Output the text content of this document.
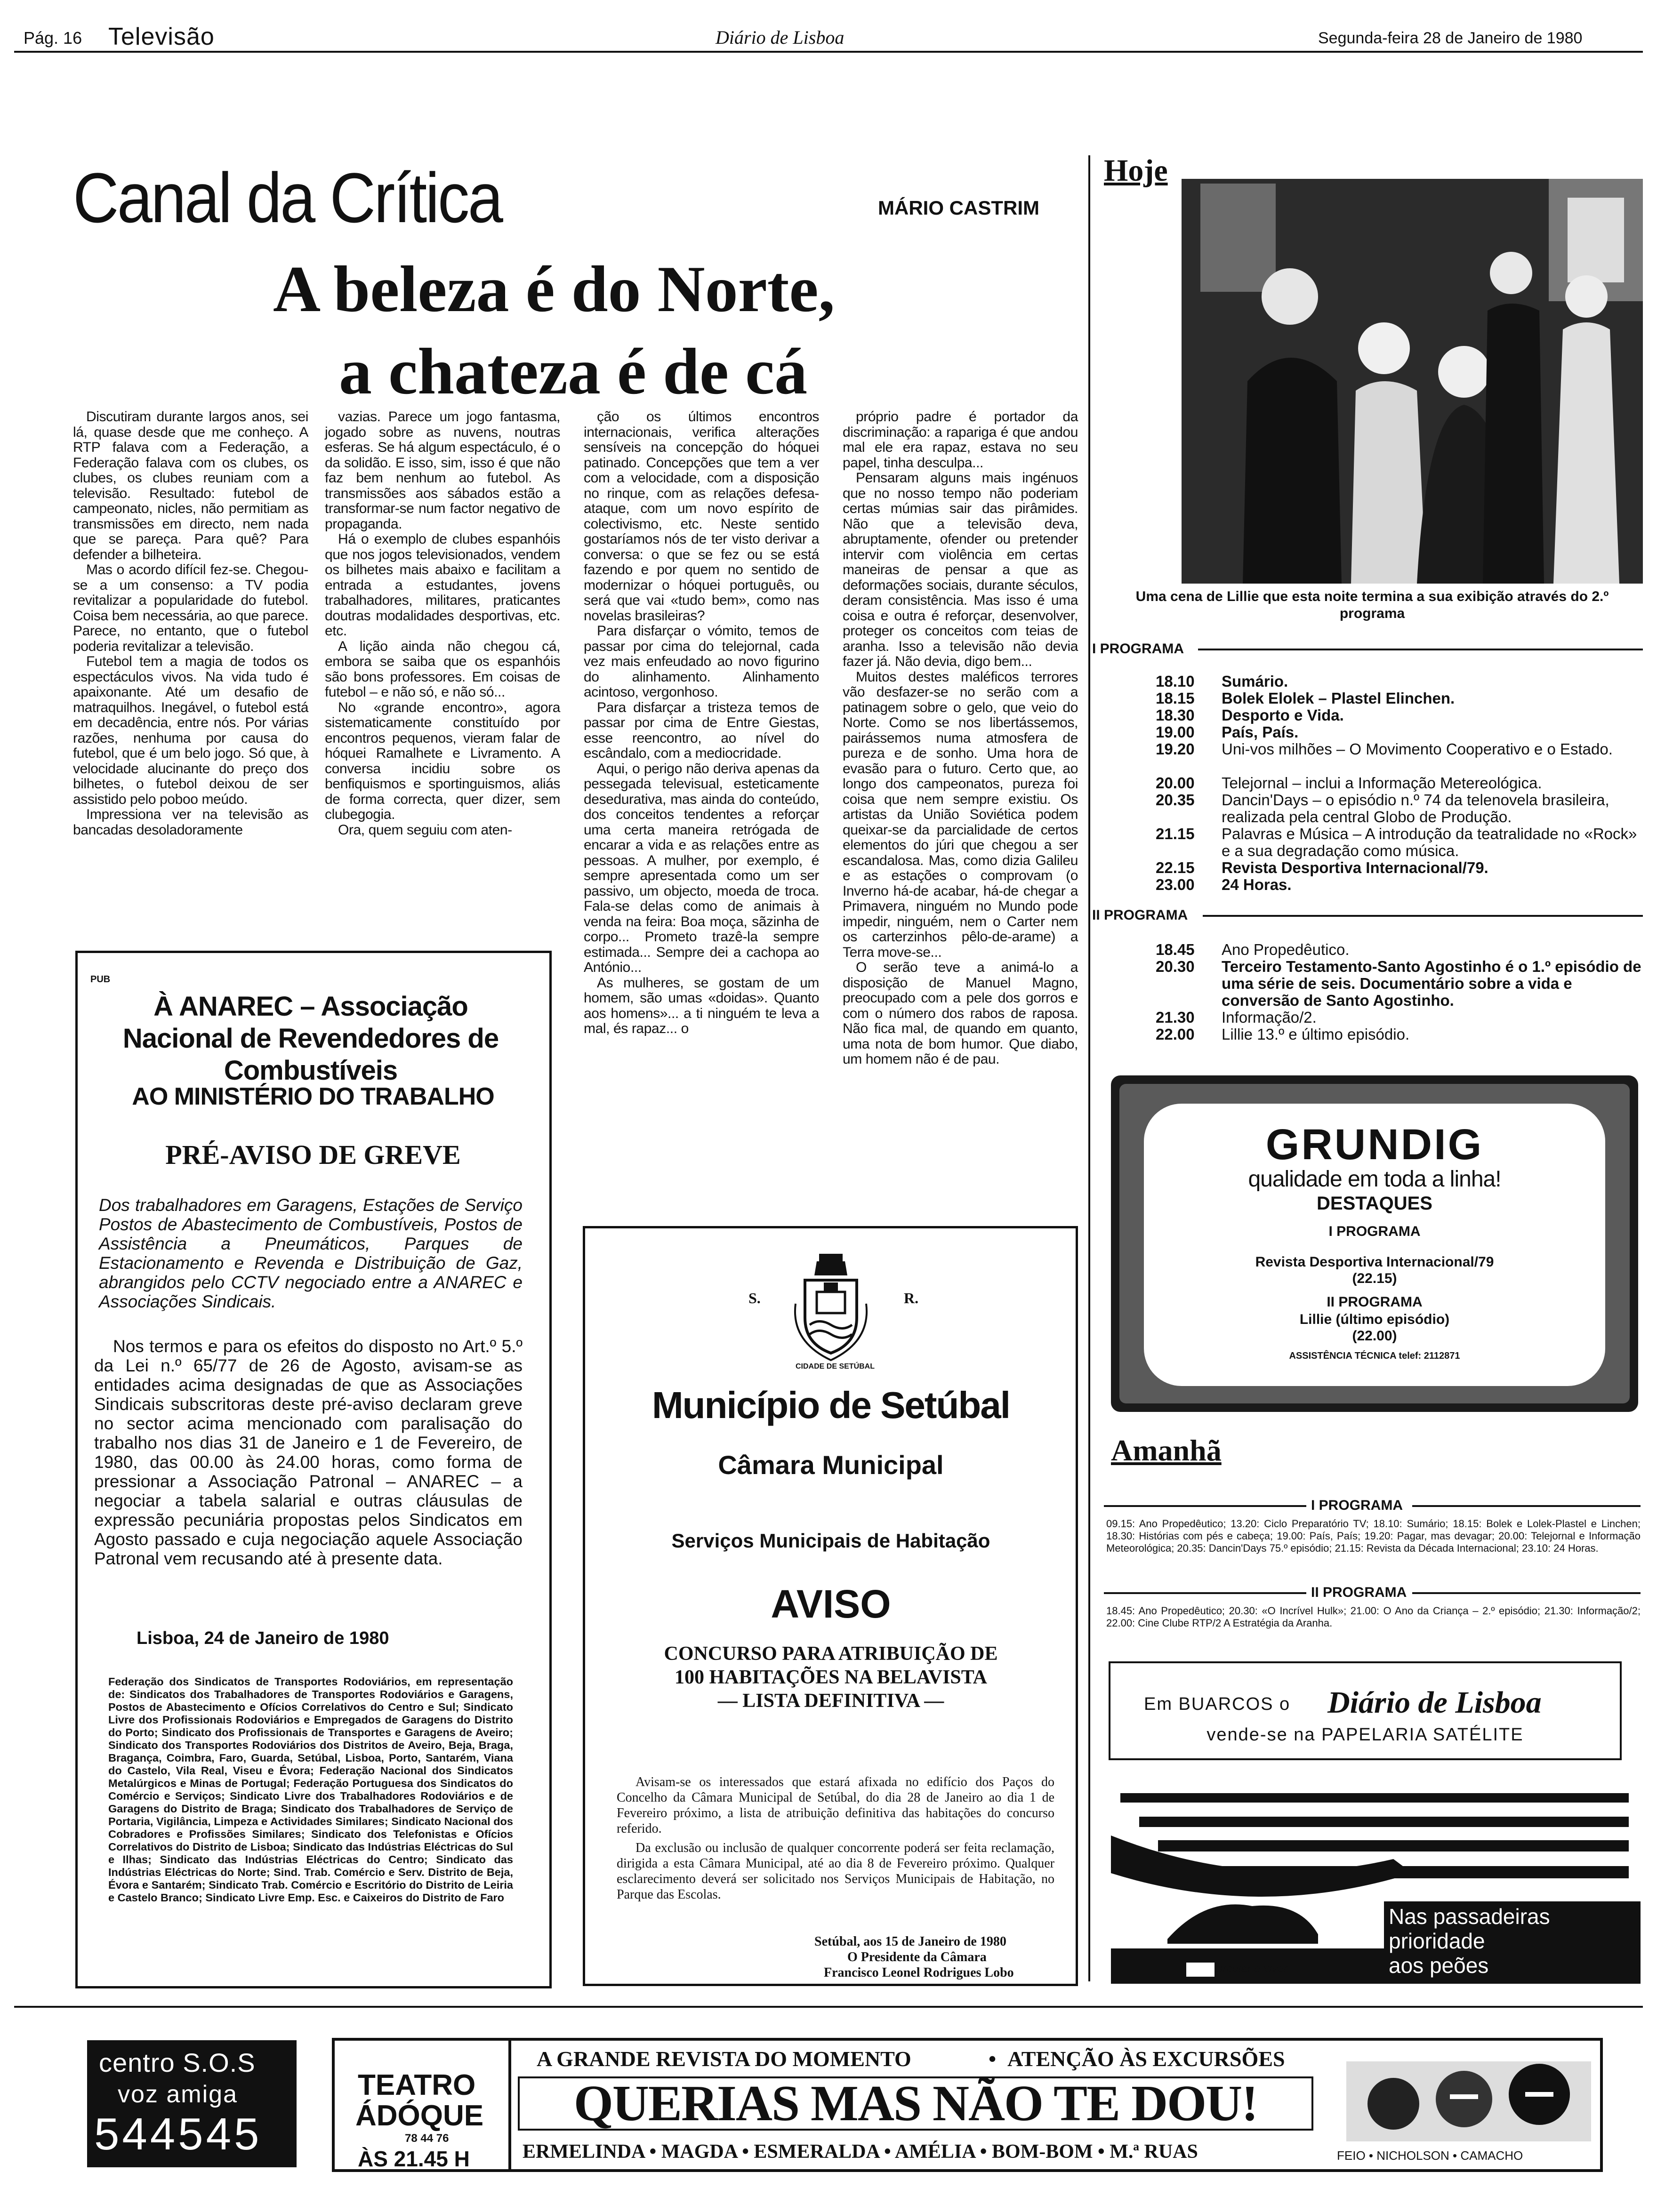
Pág. 16 Televisão	Diário de Lisboa	Segunda-feira 28 de Janeiro de 1980
Canal da Crítica	MÁRIO CASTRIM
A beleza é do Norte,
a chateza é de cá

Discutiram durante largos anos, sei lá, quase desde que me conheço. A RTP falava com a Federação, a Federação falava com os clubes, os clubes, os clubes reuniam com a televisão. Resultado: futebol de campeonato, nicles, não permitiam as transmissões em directo, nem nada que se pareça. Para quê? Para defender a bilheteira.

Mas o acordo difícil fez-se. Chegou-se a um consenso: a TV podia revitalizar a popularidade do futebol. Coisa bem necessária, ao que parece. Parece, no entanto, que o futebol poderia revitalizar a televisão.

Futebol tem a magia de todos os espectáculos vivos. Na vida tudo é apaixonante. Até um desafio de matraquilhos. Inegável, o futebol está em decadência, entre nós. Por várias razões, nenhuma por causa do futebol, que é um belo jogo. Só que, à velocidade alucinante do preço dos bilhetes, o futebol deixou de ser assistido pelo poboo meúdo.

Impressiona ver na televisão as bancadas desoladoramente

vazias. Parece um jogo fantasma, jogado sobre as nuvens, noutras esferas. Se há algum espectáculo, é o da solidão. E isso, sim, isso é que não faz bem nenhum ao futebol. As transmissões aos sábados estão a transformar-se num factor negativo de propaganda.

Há o exemplo de clubes espanhóis que nos jogos televisionados, vendem os bilhetes mais abaixo e facilitam a entrada a estudantes, jovens trabalhadores, militares, praticantes doutras modalidades desportivas, etc. etc.

A lição ainda não chegou cá, embora se saiba que os espanhóis são bons professores. Em coisas de futebol – e não só, e não só...

No «grande encontro», agora sistematicamente constituído por encontros pequenos, vieram falar de hóquei Ramalhete e Livramento. A conversa incidiu sobre os benfiquismos e sportinguismos, aliás de forma correcta, quer dizer, sem clubegogia.

Ora, quem seguiu com aten-

ção os últimos encontros internacionais, verifica alterações sensíveis na concepção do hóquei patinado. Concepções que tem a ver com a velocidade, com a disposição no rinque, com as relações defesa-ataque, com um novo espírito de colectivismo, etc. Neste sentido gostaríamos nós de ter visto derivar a conversa: o que se fez ou se está fazendo e por quem no sentido de modernizar o hóquei português, ou será que vai «tudo bem», como nas novelas brasileiras?

Para disfarçar o vómito, temos de passar por cima do telejornal, cada vez mais enfeudado ao novo figurino do alinhamento. Alinhamento acintoso, vergonhoso.

Para disfarçar a tristeza temos de passar por cima de Entre Giestas, esse reencontro, ao nível do escândalo, com a mediocridade.

Aqui, o perigo não deriva apenas da pessegada televisual, esteticamente desedurativa, mas ainda do conteúdo, dos conceitos tendentes a reforçar uma certa maneira retrógada de encarar a vida e as relações entre as pessoas. A mulher, por exemplo, é sempre apresentada como um ser passivo, um objecto, moeda de troca. Fala-se delas como de animais à venda na feira: Boa moça, sãzinha de corpo... Prometo trazê-la sempre estimada... Sempre dei a cachopa ao António...

As mulheres, se gostam de um homem, são umas «doidas». Quanto aos homens»... a ti ninguém te leva a mal, és rapaz... o

próprio padre é portador da discriminação: a rapariga é que andou mal ele era rapaz, estava no seu papel, tinha desculpa...

Pensaram alguns mais ingénuos que no nosso tempo não poderiam certas múmias sair das pirâmides. Não que a televisão deva, abruptamente, ofender ou pretender intervir com violência em certas maneiras de pensar a que as deformações sociais, durante séculos, deram consistência. Mas isso é uma coisa e outra é reforçar, desenvolver, proteger os conceitos com teias de aranha. Isso a televisão não devia fazer já. Não devia, digo bem...

Muitos destes maléficos terrores vão desfazer-se no serão com a patinagem sobre o gelo, que veio do Norte. Como se nos libertássemos, pairássemos numa atmosfera de pureza e de sonho. Uma hora de evasão para o futuro. Certo que, ao longo dos campeonatos, pureza foi coisa que nem sempre existiu. Os artistas da União Soviética podem queixar-se da parcialidade de certos elementos do júri que chegou a ser escandalosa. Mas, como dizia Galileu e as estações o comprovam (o Inverno há-de acabar, há-de chegar a Primavera, ninguém no Mundo pode impedir, ninguém, nem o Carter nem os carterzinhos pêlo-de-arame) a Terra move-se...

O serão teve a animá-lo a disposição de Manuel Magno, preocupado com a pele dos gorros e com o número dos rabos de raposa. Não fica mal, de quando em quanto, uma nota de bom humor. Que diabo, um homem não é de pau.

PUB
À ANAREC – Associação Nacional de Revendedores de Combustíveis
AO MINISTÉRIO DO TRABALHO
PRÉ-AVISO DE GREVE
Dos trabalhadores em Garagens, Estações de Serviço Postos de Abastecimento de Combustíveis, Postos de Assistência a Pneumáticos, Parques de Estacionamento e Revenda e Distribuição de Gaz, abrangidos pelo CCTV negociado entre a ANAREC e Associações Sindicais.
Nos termos e para os efeitos do disposto no Art.º 5.º da Lei n.º 65/77 de 26 de Agosto, avisam-se as entidades acima designadas de que as Associações Sindicais subscritoras deste pré-aviso declaram greve no sector acima mencionado com paralisação do trabalho nos dias 31 de Janeiro e 1 de Fevereiro, de 1980, das 00.00 às 24.00 horas, como forma de pressionar a Associação Patronal – ANAREC – a negociar a tabela salarial e outras cláusulas de expressão pecuniária propostas pelos Sindicatos em Agosto passado e cuja negociação aquele Associação Patronal vem recusando até à presente data.
Lisboa, 24 de Janeiro de 1980
Federação dos Sindicatos de Transportes Rodoviários, em representação de: Sindicatos dos Trabalhadores de Transportes Rodoviários e Garagens, Postos de Abastecimento e Ofícios Correlativos do Centro e Sul; Sindicato Livre dos Profissionais Rodoviários e Empregados de Garagens do Distrito do Porto; Sindicato dos Profissionais de Transportes e Garagens de Aveiro; Sindicato dos Transportes Rodoviários dos Distritos de Aveiro, Beja, Braga, Bragança, Coimbra, Faro, Guarda, Setúbal, Lisboa, Porto, Santarém, Viana do Castelo, Vila Real, Viseu e Évora; Federação Nacional dos Sindicatos Metalúrgicos e Minas de Portugal; Federação Portuguesa dos Sindicatos do Comércio e Serviços; Sindicato Livre dos Trabalhadores Rodoviários e de Garagens do Distrito de Braga; Sindicato dos Trabalhadores de Serviço de Portaria, Vigilância, Limpeza e Actividades Similares; Sindicato Nacional dos Cobradores e Profissões Similares; Sindicato dos Telefonistas e Ofícios Correlativos do Distrito de Lisboa; Sindicato das Indústrias Eléctricas do Sul e Ilhas; Sindicato das Indústrias Eléctricas do Centro; Sindicato das Indústrias Eléctricas do Norte; Sind. Trab. Comércio e Serv. Distrito de Beja, Évora e Santarém; Sindicato Trab. Comércio e Escritório do Distrito de Leiria e Castelo Branco; Sindicato Livre Emp. Esc. e Caixeiros do Distrito de Faro
S.	R.
CIDADE DE SETÚBAL
Município de Setúbal
Câmara Municipal
Serviços Municipais de Habitação
AVISO
CONCURSO PARA ATRIBUIÇÃO DE
100 HABITAÇÕES NA BELAVISTA
— LISTA DEFINITIVA —
Avisam-se os interessados que estará afixada no edifício dos Paços do Concelho da Câmara Municipal de Setúbal, do dia 28 de Janeiro ao dia 1 de Fevereiro próximo, a lista de atribuição definitiva das habitações do concurso referido.
Da exclusão ou inclusão de qualquer concorrente poderá ser feita reclamação, dirigida a esta Câmara Municipal, até ao dia 8 de Fevereiro próximo. Qualquer esclarecimento deverá ser solicitado nos Serviços Municipais de Habitação, no Parque das Escolas.
Setúbal, aos 15 de Janeiro de 1980
O Presidente da Câmara
Francisco Leonel Rodrigues Lobo
Hoje
Uma cena de Lillie que esta noite termina a sua exibição através do 2.º programa
I PROGRAMA
18.10 Sumário.
18.15 Bolek Elolek – Plastel Elinchen.
18.30 Desporto e Vida.
19.00 País, País.
19.20 Uni-vos milhões – O Movimento Cooperativo e o Estado.
20.00 Telejornal – inclui a Informação Metereológica.
20.35 Dancin'Days – o episódio n.º 74 da telenovela brasileira, realizada pela central Globo de Produção.
21.15 Palavras e Música – A introdução da teatralidade no «Rock» e a sua degradação como música.
22.15 Revista Desportiva Internacional/79.
23.00 24 Horas.
II PROGRAMA
18.45 Ano Propedêutico.
20.30 Terceiro Testamento-Santo Agostinho é o 1.º episódio de uma série de seis. Documentário sobre a vida e conversão de Santo Agostinho.
21.30 Informação/2.
22.00 Lillie 13.º e último episódio.
GRUNDIG
qualidade em toda a linha!
DESTAQUES
I PROGRAMA
Revista Desportiva Internacional/79
(22.15)
II PROGRAMA
Lillie (último episódio)
(22.00)
ASSISTÊNCIA TÉCNICA telef: 2112871
Amanhã
I PROGRAMA
09.15: Ano Propedêutico; 13.20: Ciclo Preparatório TV; 18.10: Sumário; 18.15: Bolek e Lolek-Plastel e Linchen; 18.30: Histórias com pés e cabeça; 19.00: País, País; 19.20: Pagar, mas devagar; 20.00: Telejornal e Informação Meteorológica; 20.35: Dancin'Days 75.º episódio; 21.15: Revista da Década Internacional; 23.10: 24 Horas.
II PROGRAMA
18.45: Ano Propedêutico; 20.30: «O Incrível Hulk»; 21.00: O Ano da Criança – 2.º episódio; 21.30: Informação/2; 22.00: Cine Clube RTP/2 A Estratégia da Aranha.
Em BUARCOS o Diário de Lisboa
vende-se na PAPELARIA SATÉLITE
Nas passadeiras
prioridade
aos peões
circular e viver
centro S.O.S
voz amiga
544545
TEATRO
ÁDÓQUE
78 44 76
ÀS 21.45 H
A GRANDE REVISTA DO MOMENTO	• ATENÇÃO ÀS EXCURSÕES
QUERIAS MAS NÃO TE DOU!
ERMELINDA • MAGDA • ESMERALDA • AMÉLIA • BOM-BOM • M.ª RUAS	FEIO • NICHOLSON • CAMACHO
